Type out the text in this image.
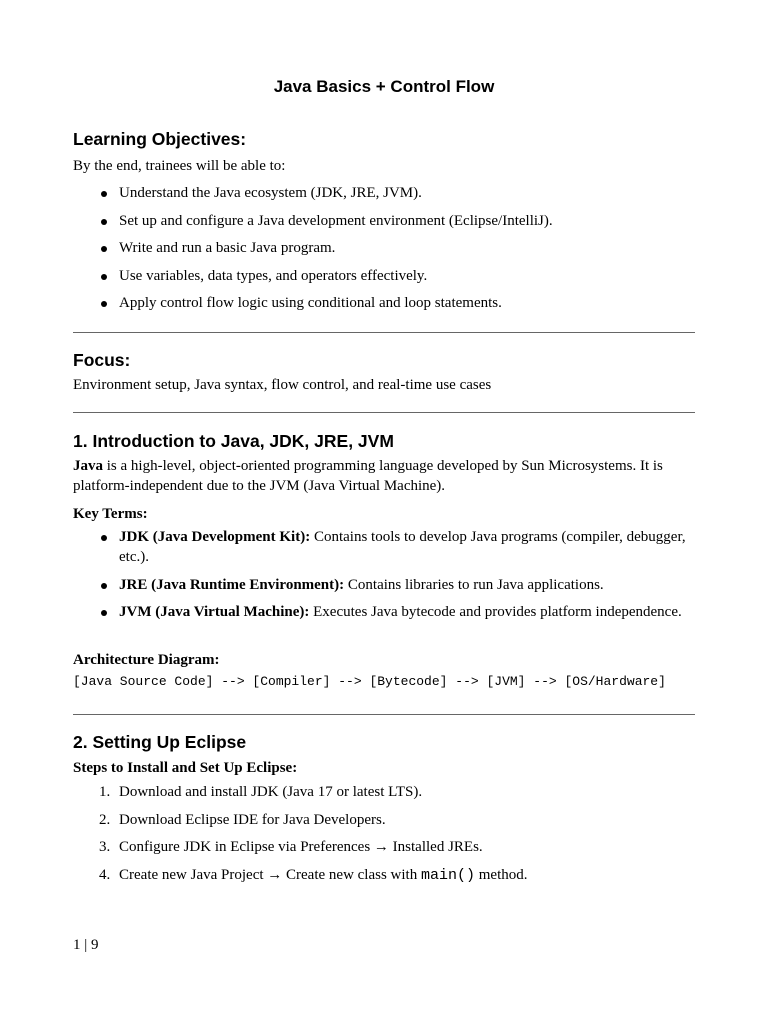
Java Basics + Control Flow
Learning Objectives:

By the end, trainees will be able to:

Understand the Java ecosystem (JDK, JRE, JVM).
Set up and configure a Java development environment (Eclipse/IntelliJ).
Write and run a basic Java program.
Use variables, data types, and operators effectively.
Apply control flow logic using conditional and loop statements.
Focus:

Environment setup, Java syntax, flow control, and real-time use cases

1. Introduction to Java, JDK, JRE, JVM

Java is a high-level, object-oriented programming language developed by Sun Microsystems. It is platform-independent due to the JVM (Java Virtual Machine).

Key Terms:

JDK (Java Development Kit): Contains tools to develop Java programs (compiler, debugger, etc.).
JRE (Java Runtime Environment): Contains libraries to run Java applications.
JVM (Java Virtual Machine): Executes Java bytecode and provides platform independence.

Architecture Diagram:

[Java Source Code] --> [Compiler] --> [Bytecode] --> [JVM] --> [OS/Hardware]

2. Setting Up Eclipse

Steps to Install and Set Up Eclipse:

1. Download and install JDK (Java 17 or latest LTS).
2. Download Eclipse IDE for Java Developers.
3. Configure JDK in Eclipse via Preferences → Installed JREs.
4. Create new Java Project → Create new class with main() method.
1 | 9
